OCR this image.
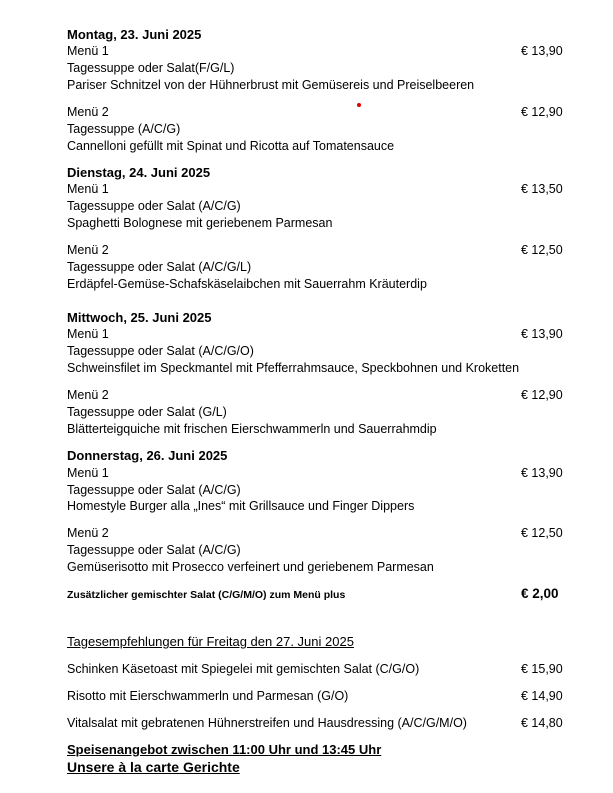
Montag, 23. Juni 2025
Menü 1	€ 13,90
Tagessuppe oder Salat(F/G/L)
Pariser Schnitzel von der Hühnerbrust mit Gemüsereis und Preiselbeeren
Menü 2	€ 12,90
Tagessuppe (A/C/G)
Cannelloni gefüllt mit Spinat und Ricotta auf Tomatensauce
Dienstag, 24. Juni 2025
Menü 1	€ 13,50
Tagessuppe oder Salat (A/C/G)
Spaghetti Bolognese mit geriebenem Parmesan
Menü 2	€ 12,50
Tagessuppe oder Salat (A/C/G/L)
Erdäpfel-Gemüse-Schafskäselaibchen mit Sauerrahm Kräuterdip
Mittwoch, 25. Juni 2025
Menü 1	€ 13,90
Tagessuppe oder Salat (A/C/G/O)
Schweinsfilet im Speckmantel mit Pfefferrahmsauce, Speckbohnen und Kroketten
Menü 2	€ 12,90
Tagessuppe oder Salat (G/L)
Blätterteigquiche mit frischen Eierschwammerln und Sauerrahmdip
Donnerstag, 26. Juni 2025
Menü 1	€ 13,90
Tagessuppe oder Salat (A/C/G)
Homestyle Burger alla „Ines“ mit Grillsauce und Finger Dippers
Menü 2	€ 12,50
Tagessuppe oder Salat (A/C/G)
Gemüserisotto mit Prosecco verfeinert und geriebenem Parmesan
Zusätzlicher gemischter Salat (C/G/M/O) zum Menü plus	€ 2,00
Tagesempfehlungen für Freitag den 27. Juni 2025
Schinken Käsetoast mit Spiegelei mit gemischten Salat (C/G/O)	€ 15,90
Risotto mit Eierschwammerln und Parmesan (G/O)	€ 14,90
Vitalsalat mit gebratenen Hühnerstreifen und Hausdressing (A/C/G/M/O)	€ 14,80
Speisenangebot zwischen 11:00 Uhr und 13:45 Uhr
Unsere à la carte Gerichte
